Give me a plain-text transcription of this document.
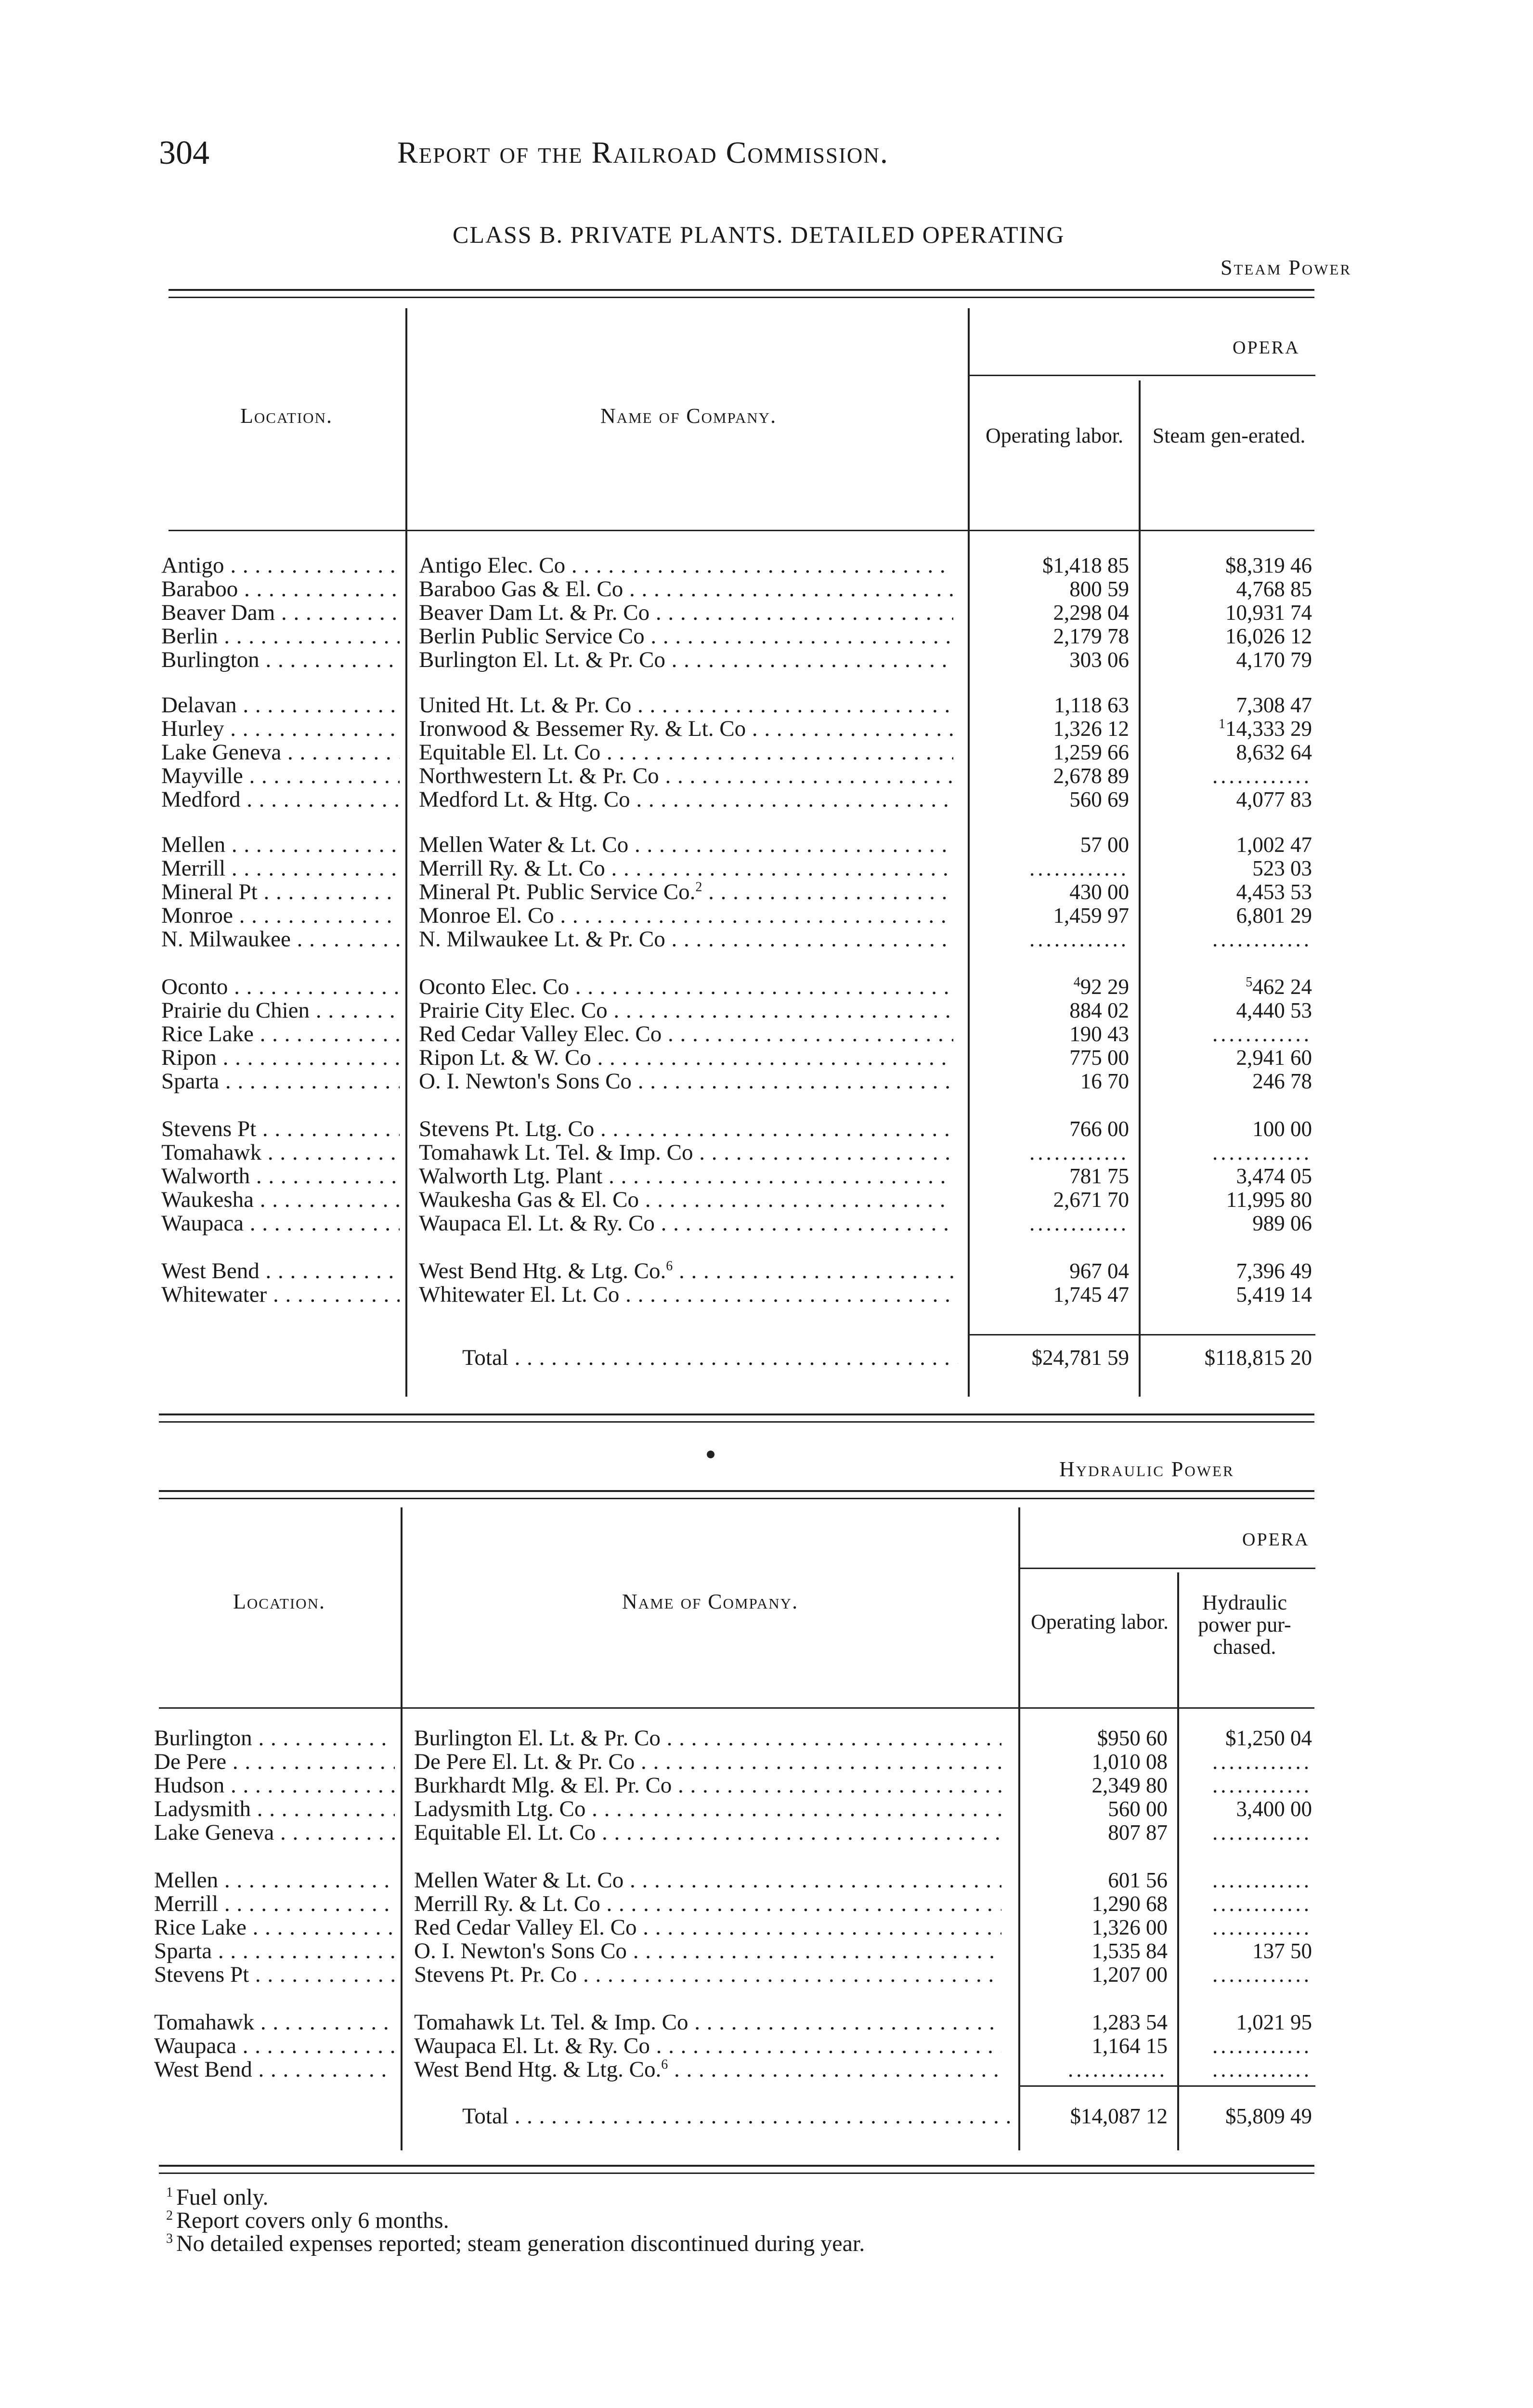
304	Report of the Railroad Commission.
CLASS B. PRIVATE PLANTS. DETAILED OPERATING
Steam Power
OPERA
Location.	Name of Company.
Operating labor.	Steam gen-erated.
Antigo . . .	Antigo Elec. Co . . .	$1,418 85	$8,319 46
Baraboo . . .	Baraboo Gas & El. Co . . .	800 59	4,768 85
Beaver Dam . . .	Beaver Dam Lt. & Pr. Co . . .	2,298 04	10,931 74
Berlin . . .	Berlin Public Service Co . . .	2,179 78	16,026 12
Burlington . . .	Burlington El. Lt. & Pr. Co . . .	303 06	4,170 79
Delavan . . .	United Ht. Lt. & Pr. Co . . .	1,118 63	7,308 47
Hurley . . .	Ironwood & Bessemer Ry. & Lt. Co . . .	1,326 12	$^1$14,333 29
Lake Geneva . . .	Equitable El. Lt. Co . . .	1,259 66	8,632 64
Mayville . . .	Northwestern Lt. & Pr. Co . . .	2,678 89	............
Medford . . .	Medford Lt. & Htg. Co . . .	560 69	4,077 83
Mellen . . .	Mellen Water & Lt. Co . . .	57 00	1,002 47
Merrill . . .	Merrill Ry. & Lt. Co . . .	............	523 03
Mineral Pt . . .	Mineral Pt. Public Service Co.$^2$ . . .	430 00	4,453 53
Monroe . . .	Monroe El. Co . . .	1,459 97	6,801 29
N. Milwaukee . . .	N. Milwaukee Lt. & Pr. Co . . .	............	............
Oconto . . .	Oconto Elec. Co . . .	$^4$92 29	$^5$462 24
Prairie du Chien . . .	Prairie City Elec. Co . . .	884 02	4,440 53
Rice Lake . . .	Red Cedar Valley Elec. Co . . .	190 43	............
Ripon . . .	Ripon Lt. & W. Co . . .	775 00	2,941 60
Sparta . . .	O. I. Newton's Sons Co . . .	16 70	246 78
Stevens Pt . . .	Stevens Pt. Ltg. Co . . .	766 00	100 00
Tomahawk . . .	Tomahawk Lt. Tel. & Imp. Co . . .	............	............
Walworth . . .	Walworth Ltg. Plant . . .	781 75	3,474 05
Waukesha . . .	Waukesha Gas & El. Co . . .	2,671 70	11,995 80
Waupaca . . .	Waupaca El. Lt. & Ry. Co . . .	............	989 06
West Bend . . .	West Bend Htg. & Ltg. Co.$^6$ . . .	967 04	7,396 49
Whitewater . . .	Whitewater El. Lt. Co . . .	1,745 47	5,419 14
Total . . .	$24,781 59	$118,815 20
Hydraulic Power
OPERA
Location.	Name of Company.
Operating labor.
Hydraulic power pur-chased.
Burlington . . .	Burlington El. Lt. & Pr. Co . . .	$950 60	$1,250 04
De Pere . . .	De Pere El. Lt. & Pr. Co . . .	1,010 08	............
Hudson . . .	Burkhardt Mlg. & El. Pr. Co . . .	2,349 80	............
Ladysmith . . .	Ladysmith Ltg. Co . . .	560 00	3,400 00
Lake Geneva . . .	Equitable El. Lt. Co . . .	807 87	............
Mellen . . .	Mellen Water & Lt. Co . . .	601 56	............
Merrill . . .	Merrill Ry. & Lt. Co . . .	1,290 68	............
Rice Lake . . .	Red Cedar Valley El. Co . . .	1,326 00	............
Sparta . . .	O. I. Newton's Sons Co . . .	1,535 84	137 50
Stevens Pt . . .	Stevens Pt. Pr. Co . . .	1,207 00	............
Tomahawk . . .	Tomahawk Lt. Tel. & Imp. Co . . .	1,283 54	1,021 95
Waupaca . . .	Waupaca El. Lt. & Ry. Co . . .	1,164 15	............
West Bend . . .	West Bend Htg. & Ltg. Co.$^6$ . . .	............	............
Total . . .	$14,087 12	$5,809 49
$^1$ Fuel only.
$^2$ Report covers only 6 months.
$^3$ No detailed expenses reported; steam generation discontinued during year.
